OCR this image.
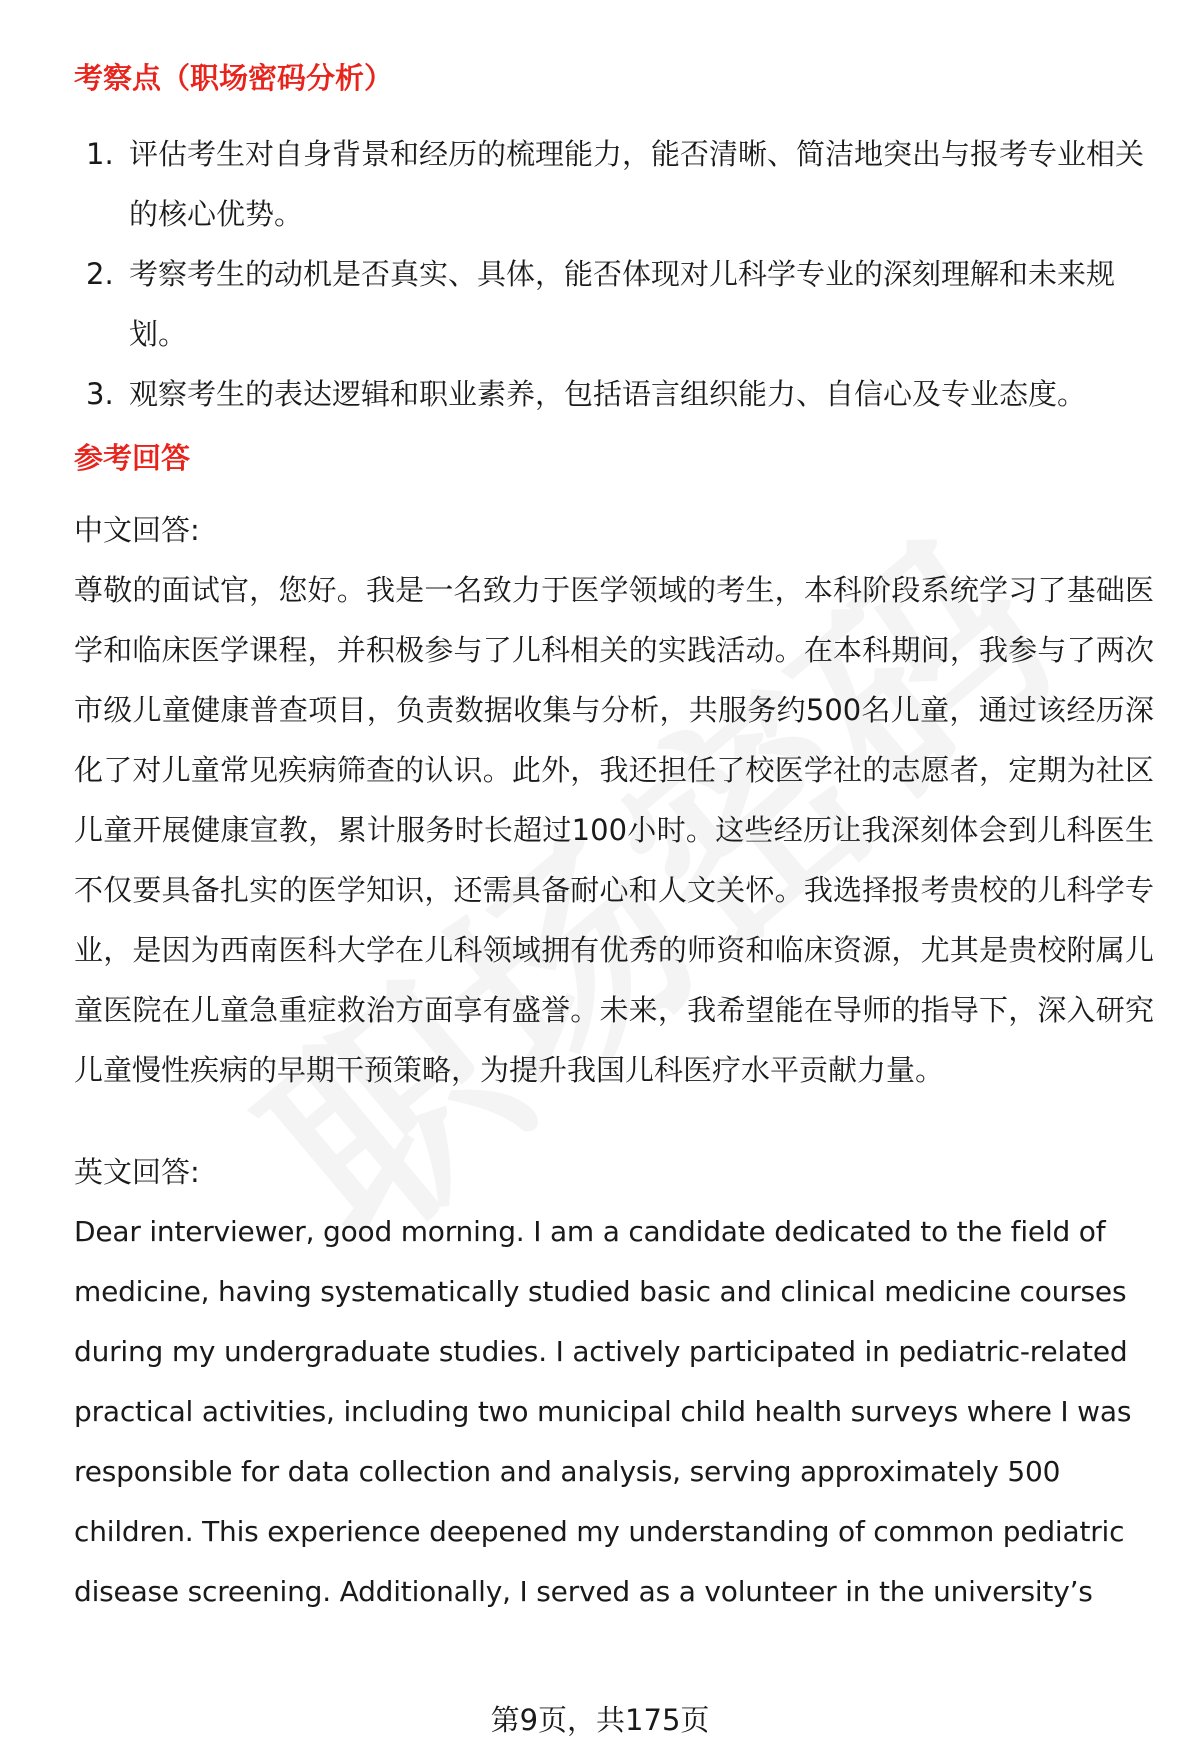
考察点（职场密码分析）
1. 评估考生对自身背景和经历的梳理能力，能否清晰、简洁地突出与报考专业相关的核心优势。
2. 考察考生的动机是否真实、具体，能否体现对儿科学专业的深刻理解和未来规划。
3. 观察考生的表达逻辑和职业素养，包括语言组织能力、自信心及专业态度。
参考回答

中文回答:

尊敬的面试官，您好。我是一名致力于医学领域的考生，本科阶段系统学习了基础医学和临床医学课程，并积极参与了儿科相关的实践活动。在本科期间，我参与了两次市级儿童健康普查项目，负责数据收集与分析，共服务约500名儿童，通过该经历深化了对儿童常见疾病筛查的认识。此外，我还担任了校医学社的志愿者，定期为社区儿童开展健康宣教，累计服务时长超过100小时。这些经历让我深刻体会到儿科医生不仅要具备扎实的医学知识，还需具备耐心和人文关怀。我选择报考贵校的儿科学专业，是因为西南医科大学在儿科领域拥有优秀的师资和临床资源，尤其是贵校附属儿童医院在儿童急重症救治方面享有盛誉。未来，我希望能在导师的指导下，深入研究儿童慢性疾病的早期干预策略，为提升我国儿科医疗水平贡献力量。

英文回答:

Dear interviewer, good morning. I am a candidate dedicated to the field of medicine, having systematically studied basic and clinical medicine courses during my undergraduate studies. I actively participated in pediatric-related practical activities, including two municipal child health surveys where I was responsible for data collection and analysis, serving approximately 500 children. This experience deepened my understanding of common pediatric disease screening. Additionally, I served as a volunteer in the university’s

第9页，共175页
